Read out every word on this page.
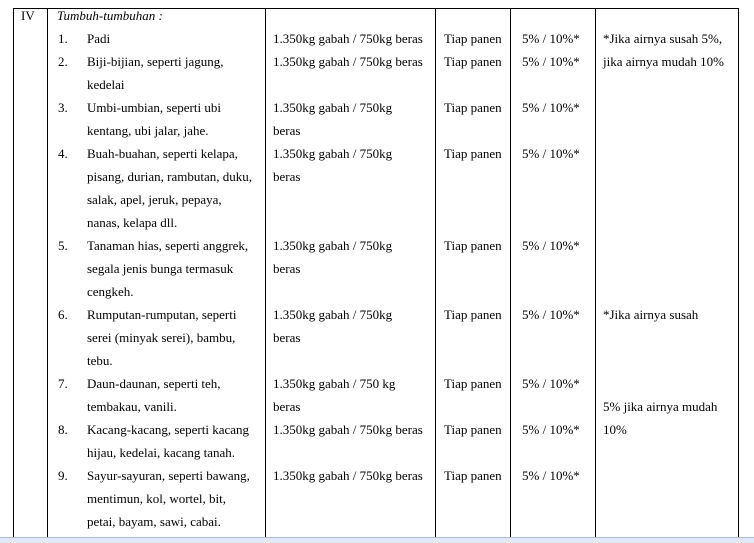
IV Tumbuh-tumbuhan :
1. Padi	1.350kg gabah / 750kg beras Tiap panen 5% / 10%*
2. Biji-bijian, seperti jagung,
kedelai
1.350kg gabah / 750kg beras Tiap panen 5% / 10%*
3. Umbi-umbian, seperti ubi
kentang, ubi jalar, jahe.
1.350kg gabah / 750kg
beras
Tiap panen 5% / 10%*
4. Buah-buahan, seperti kelapa,
pisang, durian, rambutan, duku,
salak, apel, jeruk, pepaya,
nanas, kelapa dll.
1.350kg gabah / 750kg
beras
Tiap panen 5% / 10%*
5. Tanaman hias, seperti anggrek,
segala jenis bunga termasuk
cengkeh.
1.350kg gabah / 750kg
beras
Tiap panen 5% / 10%*
6. Rumputan-rumputan, seperti
serei (minyak serei), bambu,
tebu.
1.350kg gabah / 750kg
beras
Tiap panen 5% / 10%*
7. Daun-daunan, seperti teh,
tembakau, vanili.
1.350kg gabah / 750 kg
beras
Tiap panen 5% / 10%*
8. Kacang-kacang, seperti kacang
hijau, kedelai, kacang tanah.
1.350kg gabah / 750kg beras Tiap panen 5% / 10%*
9. Sayur-sayuran, seperti bawang,
mentimun, kol, wortel, bit,
petai, bayam, sawi, cabai.
1.350kg gabah / 750kg beras Tiap panen 5% / 10%*
*Jika airnya susah 5%,
jika airnya mudah 10%
*Jika airnya susah
5% jika airnya mudah
10%
